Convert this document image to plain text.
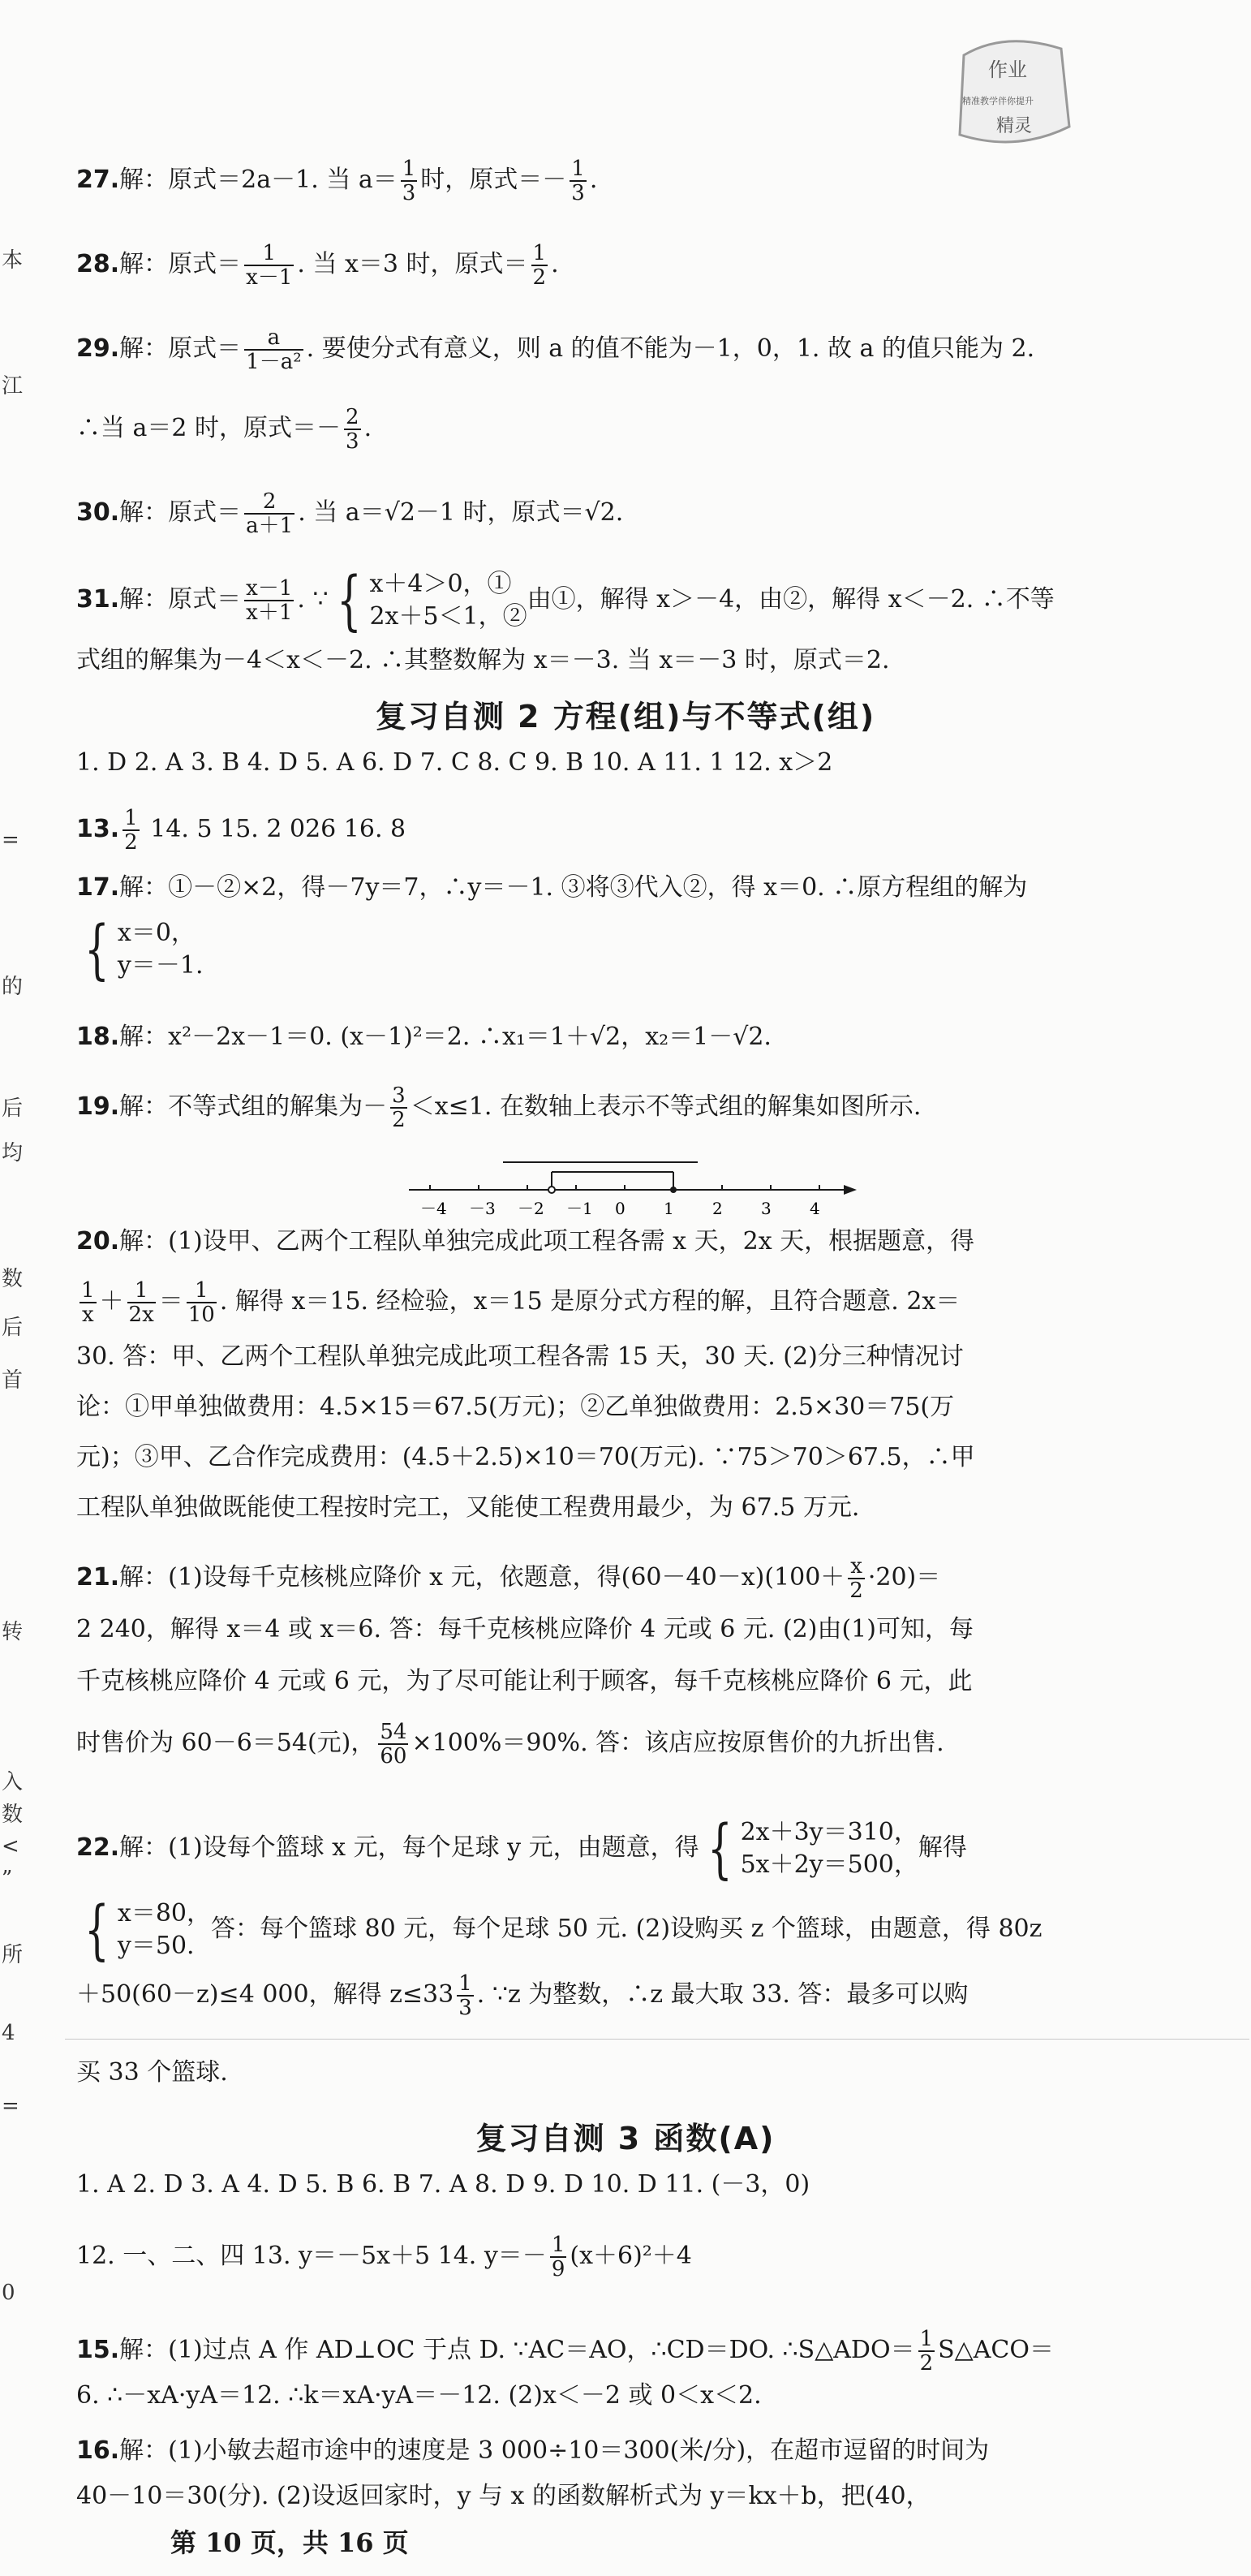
作业
精准教学伴你提升
精灵
本
江
=
的
后
均
数
后
首
转
入
数
<
”
所
4
=
0
27.解：原式＝2a－1. 当 $a= \frac{1}{3}$ 时，原式＝－ $\frac{1}{3}$ .
28.解：原式＝ $\frac{1}{x-1}$ . 当 x＝3 时，原式＝ $\frac{1}{2}$ .
29.解：原式＝ $\frac{a}{\text{1－a²}}$ . 要使分式有意义，则 a 的值不能为－1，0，1. 故 a 的值只能为 2.
∴当 a＝2 时，原式＝－ $\frac{2}{3}$ .
30.解：原式＝ $\frac{2}{a+1}$ . 当 a＝√2－1 时，原式＝√2.
31.解：原式＝ $\frac{x-1}{x+1}$ . ∵ { x＋4＞0，①
2x＋5＜1，②
由①，解得 x＞－4，由②，解得 x＜－2. ∴不等
式组的解集为－4＜x＜－2. ∴其整数解为 x＝－3. 当 x＝－3 时，原式＝2.
复习自测 2 方程(组)与不等式(组)
1. D 2. A 3. B 4. D 5. A 6. D 7. C 8. C 9. B 10. A 11. 1 12. x＞2
13. $\frac{1}{2} 14$. 5 15. 2 026 16. 8
17.解：①－②×2，得－7y＝7，∴y＝－1. ③将③代入②，得 x＝0. ∴原方程组的解为
{ x＝0，
y＝－1.
18.解：x²－2x－1＝0. (x－1)²＝2. ∴x₁＝1＋√2，x₂＝1－√2.
19.解：不等式组的解集为－ $\frac{3}{2} <x\le 1$. 在数轴上表示不等式组的解集如图所示.
－4 －3 －2 －1 0 1 2 3 4
20.解：(1)设甲、乙两个工程队单独完成此项工程各需 x 天，2x 天，根据题意，得
$\frac{1}{x} + \frac{1}{2x} = \frac{1}{10}$ . 解得 x＝15. 经检验，x＝15 是原分式方程的解，且符合题意. 2x＝
30. 答：甲、乙两个工程队单独完成此项工程各需 15 天，30 天. (2)分三种情况讨
论：①甲单独做费用：4.5×15＝67.5(万元)；②乙单独做费用：2.5×30＝75(万
元)；③甲、乙合作完成费用：(4.5＋2.5)×10＝70(万元). ∵75＞70＞67.5，∴甲
工程队单独做既能使工程按时完工，又能使工程费用最少，为 67.5 万元.
21.解：(1)设每千克核桃应降价 x 元，依题意，得$(60-40-x)(100+ \frac{x}{2} \cdot 20)=$
2 240，解得 x＝4 或 x＝6. 答：每千克核桃应降价 4 元或 6 元. (2)由(1)可知，每
千克核桃应降价 4 元或 6 元，为了尽可能让利于顾客，每千克核桃应降价 6 元，此
时售价为 60－6＝54(元)， $\frac{54}{60} \times 100\%=90\%$. 答：该店应按原售价的九折出售.
22.解：(1)设每个篮球 x 元，每个足球 y 元，由题意，得 { 2x＋3y＝310，
5x＋2y＝500，
解得
{ x＝80，
y＝50.
答：每个篮球 80 元，每个足球 50 元. (2)设购买 z 个篮球，由题意，得 80z
＋50(60－z)≤4 000，解得 $z\le 33 \frac{1}{3}$ . ∵z 为整数，∴z 最大取 33. 答：最多可以购
买 33 个篮球.
复习自测 3 函数(A)
1. A 2. D 3. A 4. D 5. B 6. B 7. A 8. D 9. D 10. D 11. (－3，0)
12. 一、二、四 13. y＝－5x＋5 14. $y=- \frac{1}{9} (x+6)^2+4$
15.解：(1)过点 A 作 AD⊥OC 于点 D. ∵AC＝AO，∴CD＝DO. ∴S△ADO＝ $\frac{1}{2}$ S△ACO＝
6. ∴－xA·yA＝12. ∴k＝xA·yA＝－12. (2)x＜－2 或 0＜x＜2.
16.解：(1)小敏去超市途中的速度是 3 000÷10＝300(米/分)，在超市逗留的时间为
40－10＝30(分). (2)设返回家时，y 与 x 的函数解析式为 y＝kx＋b，把(40，
第 10 页，共 16 页
